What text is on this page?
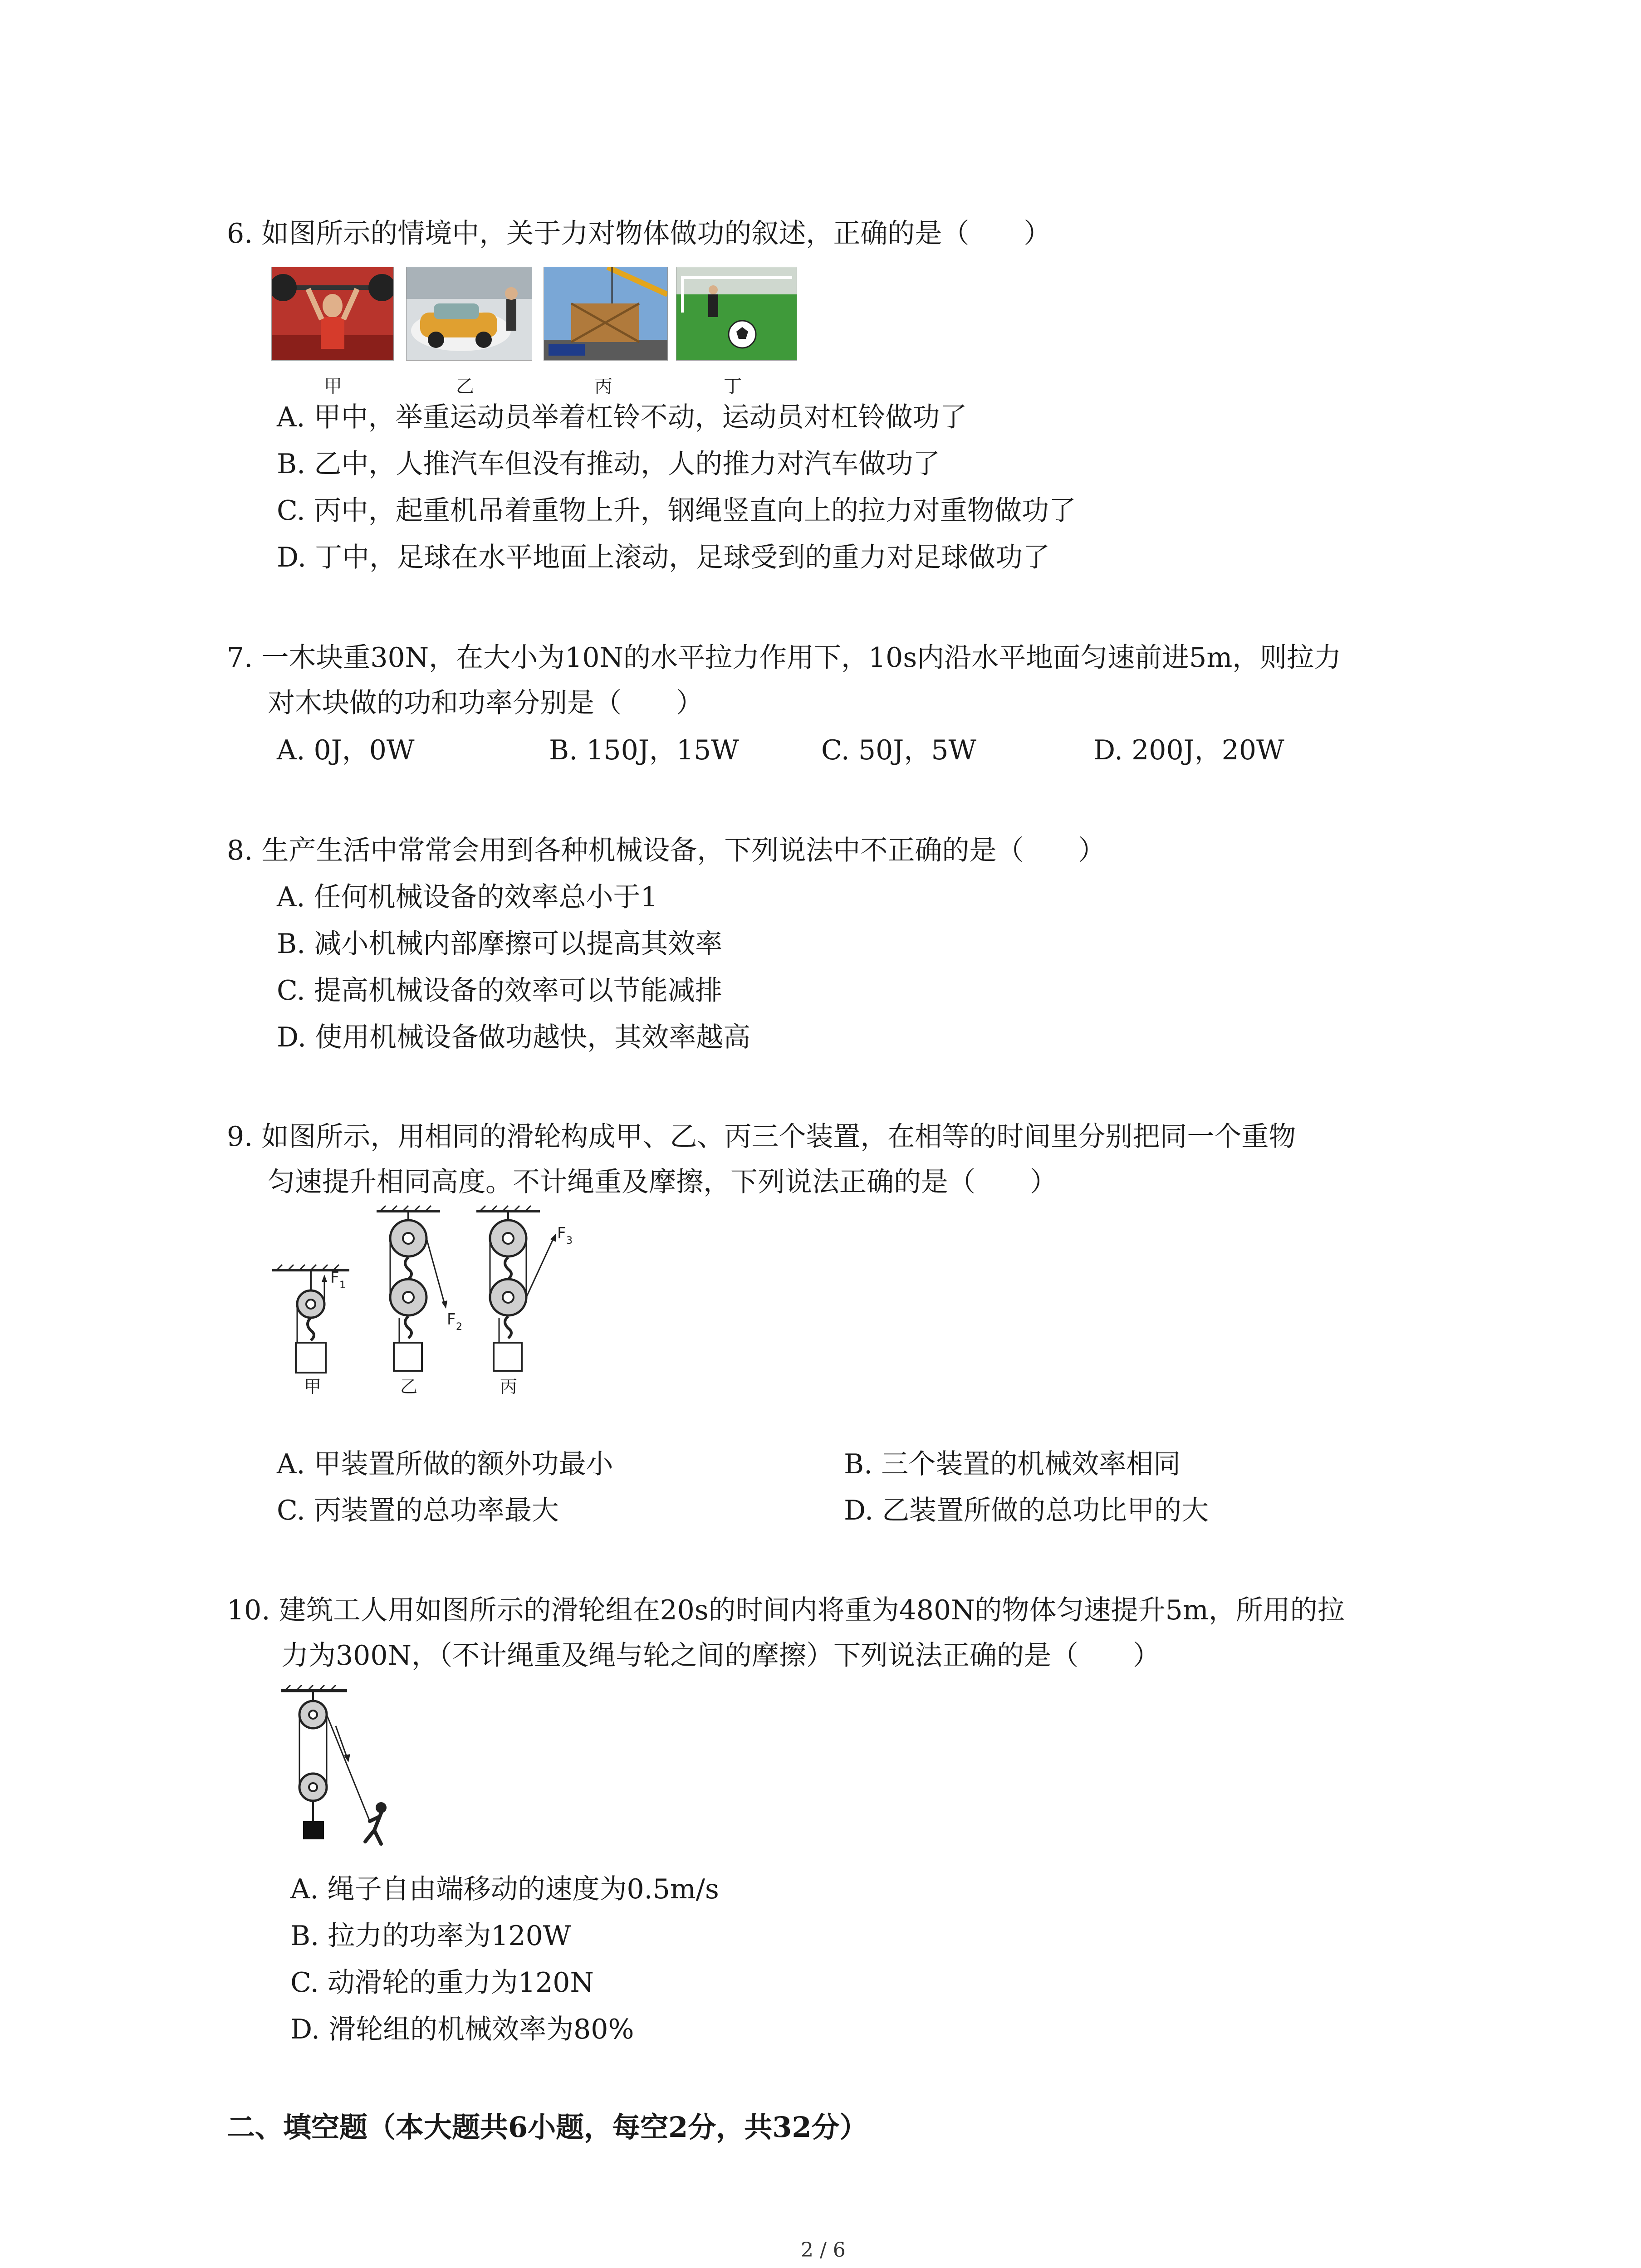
6. 如图所示的情境中，关于力对物体做功的叙述，正确的是（　　）
甲	乙	丙	丁
A. 甲中，举重运动员举着杠铃不动，运动员对杠铃做功了
B. 乙中，人推汽车但没有推动，人的推力对汽车做功了
C. 丙中，起重机吊着重物上升，钢绳竖直向上的拉力对重物做功了
D. 丁中，足球在水平地面上滚动，足球受到的重力对足球做功了
7. 一木块重30N，在大小为10N的水平拉力作用下，10s内沿水平地面匀速前进5m，则拉力
对木块做的功和功率分别是（　　）
A. 0J，0W	B. 150J，15W	C. 50J，5W	D. 200J，20W
8. 生产生活中常常会用到各种机械设备，下列说法中不正确的是（　　）
A. 任何机械设备的效率总小于1
B. 减小机械内部摩擦可以提高其效率
C. 提高机械设备的效率可以节能减排
D. 使用机械设备做功越快，其效率越高
9. 如图所示，用相同的滑轮构成甲、乙、丙三个装置，在相等的时间里分别把同一个重物
匀速提升相同高度。不计绳重及摩擦，下列说法正确的是（　　）
F 1
甲
F 2
乙
F 3
丙
A. 甲装置所做的额外功最小	B. 三个装置的机械效率相同
C. 丙装置的总功率最大	D. 乙装置所做的总功比甲的大
10. 建筑工人用如图所示的滑轮组在20s的时间内将重为480N的物体匀速提升5m，所用的拉
力为300N，（不计绳重及绳与轮之间的摩擦）下列说法正确的是（　　）
A. 绳子自由端移动的速度为0.5m/s
B. 拉力的功率为120W
C. 动滑轮的重力为120N
D. 滑轮组的机械效率为80%
二、填空题（本大题共6小题，每空2分，共32分）
2 / 6
